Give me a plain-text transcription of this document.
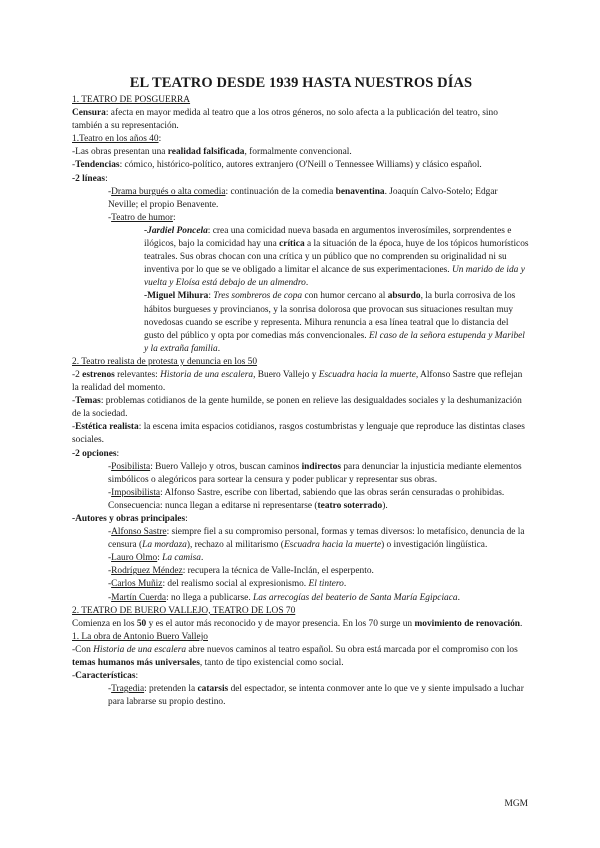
EL TEATRO DESDE 1939 HASTA NUESTROS DÍAS

1. TEATRO DE POSGUERRA

Censura: afecta en mayor medida al teatro que a los otros géneros, no solo afecta a la publicación del teatro, sino también a su representación.

1.Teatro en los años 40:

-Las obras presentan una realidad falsificada, formalmente convencional.

-Tendencias: cómico, histórico-político, autores extranjero (O'Neill o Tennessee Williams) y clásico español.

-2 líneas:

-Drama burgués o alta comedia: continuación de la comedia benaventina. Joaquín Calvo-Sotelo; Edgar Neville; el propio Benavente.

-Teatro de humor:

-Jardiel Poncela: crea una comicidad nueva basada en argumentos inverosímiles, sorprendentes e ilógicos, bajo la comicidad hay una crítica a la situación de la época, huye de los tópicos humorísticos teatrales. Sus obras chocan con una crítica y un público que no comprenden su originalidad ni su inventiva por lo que se ve obligado a limitar el alcance de sus experimentaciones. Un marido de ida y vuelta y Eloísa está debajo de un almendro.

-Miguel Mihura: Tres sombreros de copa con humor cercano al absurdo, la burla corrosiva de los hábitos burgueses y provincianos, y la sonrisa dolorosa que provocan sus situaciones resultan muy novedosas cuando se escribe y representa. Mihura renuncia a esa línea teatral que lo distancia del gusto del público y opta por comedias más convencionales. El caso de la señora estupenda y Maribel y la extraña familia.

2. Teatro realista de protesta y denuncia en los 50

-2 estrenos relevantes: Historia de una escalera, Buero Vallejo y Escuadra hacia la muerte, Alfonso Sastre que reflejan la realidad del momento.

-Temas: problemas cotidianos de la gente humilde, se ponen en relieve las desigualdades sociales y la deshumanización de la sociedad.

-Estética realista: la escena imita espacios cotidianos, rasgos costumbristas y lenguaje que reproduce las distintas clases sociales.

-2 opciones:

-Posibilista: Buero Vallejo y otros, buscan caminos indirectos para denunciar la injusticia mediante elementos simbólicos o alegóricos para sortear la censura y poder publicar y representar sus obras.

-Imposibilista: Alfonso Sastre, escribe con libertad, sabiendo que las obras serán censuradas o prohibidas. Consecuencia: nunca llegan a editarse ni representarse (teatro soterrado).

-Autores y obras principales:

-Alfonso Sastre: siempre fiel a su compromiso personal, formas y temas diversos: lo metafísico, denuncia de la censura (La mordaza), rechazo al militarismo (Escuadra hacia la muerte) o investigación lingüística.

-Lauro Olmo: La camisa.

-Rodríguez Méndez: recupera la técnica de Valle-Inclán, el esperpento.

-Carlos Muñiz: del realismo social al expresionismo. El tintero.

-Martín Cuerda: no llega a publicarse. Las arrecogías del beaterio de Santa María Egipciaca.

2. TEATRO DE BUERO VALLEJO, TEATRO DE LOS 70

Comienza en los 50 y es el autor más reconocido y de mayor presencia. En los 70 surge un movimiento de renovación.

1. La obra de Antonio Buero Vallejo

-Con Historia de una escalera abre nuevos caminos al teatro español. Su obra está marcada por el compromiso con los temas humanos más universales, tanto de tipo existencial como social.

-Características:

-Tragedia: pretenden la catarsis del espectador, se intenta conmover ante lo que ve y siente impulsado a luchar para labrarse su propio destino.

MGM
